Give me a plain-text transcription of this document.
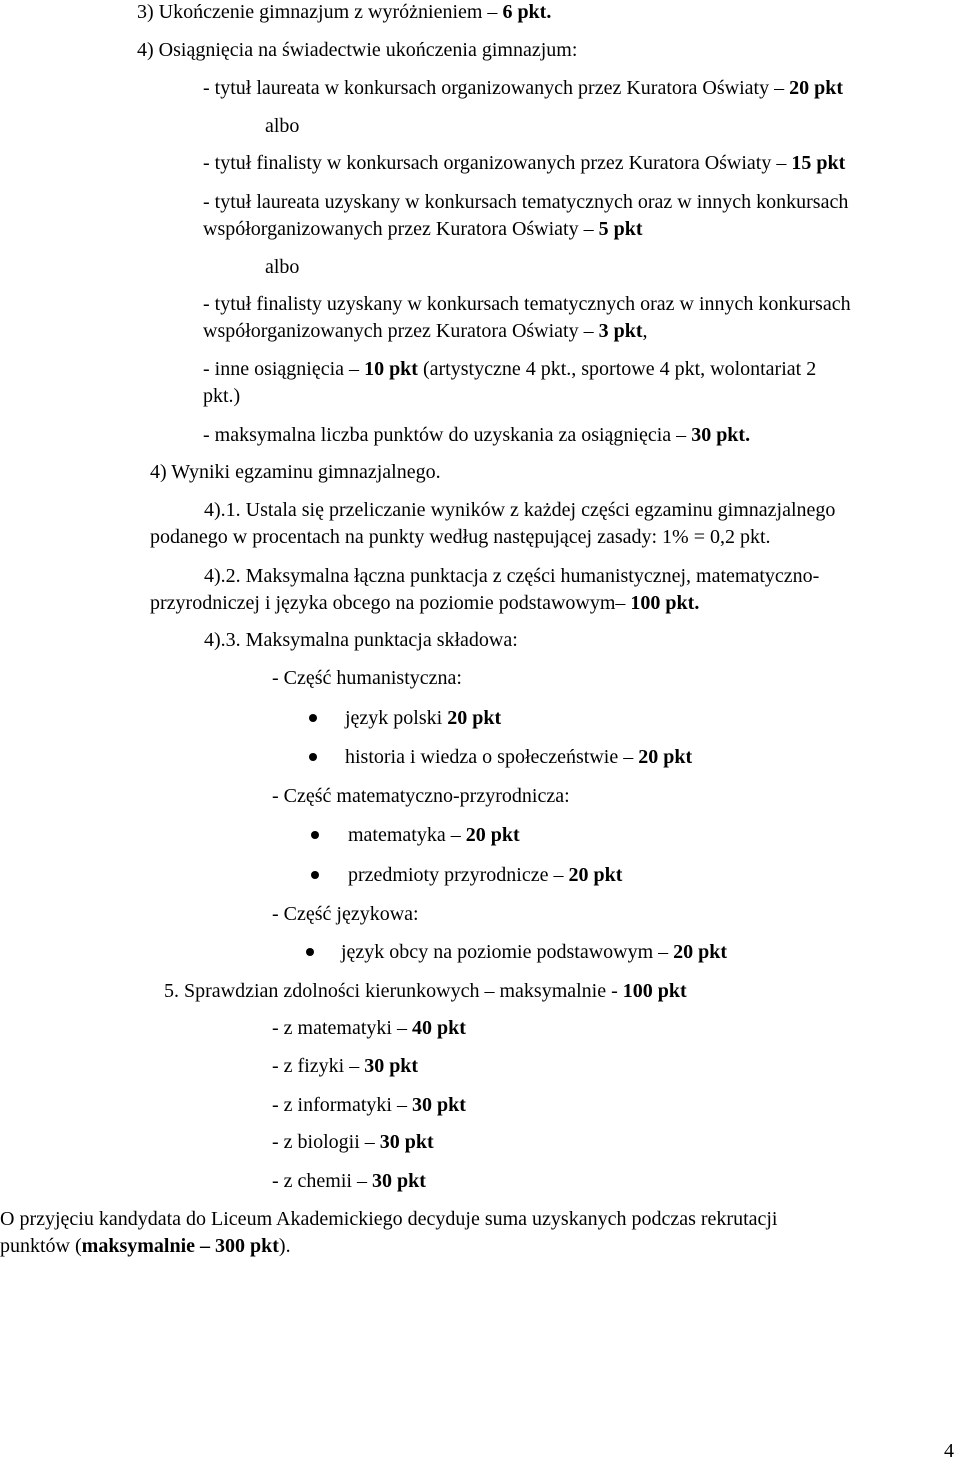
3) Ukończenie gimnazjum z wyróżnieniem – 6 pkt.
4) Osiągnięcia na świadectwie ukończenia gimnazjum:
- tytuł laureata w konkursach organizowanych przez Kuratora Oświaty – 20 pkt
albo
- tytuł finalisty w konkursach organizowanych przez Kuratora Oświaty – 15 pkt
- tytuł laureata uzyskany w konkursach tematycznych oraz w innych konkursach
współorganizowanych przez Kuratora Oświaty – 5 pkt
albo
- tytuł finalisty uzyskany w konkursach tematycznych oraz w innych konkursach
współorganizowanych przez Kuratora Oświaty – 3 pkt,
- inne osiągnięcia – 10 pkt (artystyczne 4 pkt., sportowe 4 pkt, wolontariat 2
pkt.)
- maksymalna liczba punktów do uzyskania za osiągnięcia – 30 pkt.
4) Wyniki egzaminu gimnazjalnego.
4).1. Ustala się przeliczanie wyników z każdej części egzaminu gimnazjalnego
podanego w procentach na punkty według następującej zasady: 1% = 0,2 pkt.
4).2. Maksymalna łączna punktacja z części humanistycznej, matematyczno-
przyrodniczej i języka obcego na poziomie podstawowym– 100 pkt.
4).3. Maksymalna punktacja składowa:
- Część humanistyczna:
język polski 20 pkt
historia i wiedza o społeczeństwie – 20 pkt
- Część matematyczno-przyrodnicza:
matematyka – 20 pkt
przedmioty przyrodnicze – 20 pkt
- Część językowa:
język obcy na poziomie podstawowym – 20 pkt
5. Sprawdzian zdolności kierunkowych – maksymalnie - 100 pkt
- z matematyki – 40 pkt
- z fizyki – 30 pkt
- z informatyki – 30 pkt
- z biologii – 30 pkt
- z chemii – 30 pkt
O przyjęciu kandydata do Liceum Akademickiego decyduje suma uzyskanych podczas rekrutacji
punktów (maksymalnie – 300 pkt).
4
